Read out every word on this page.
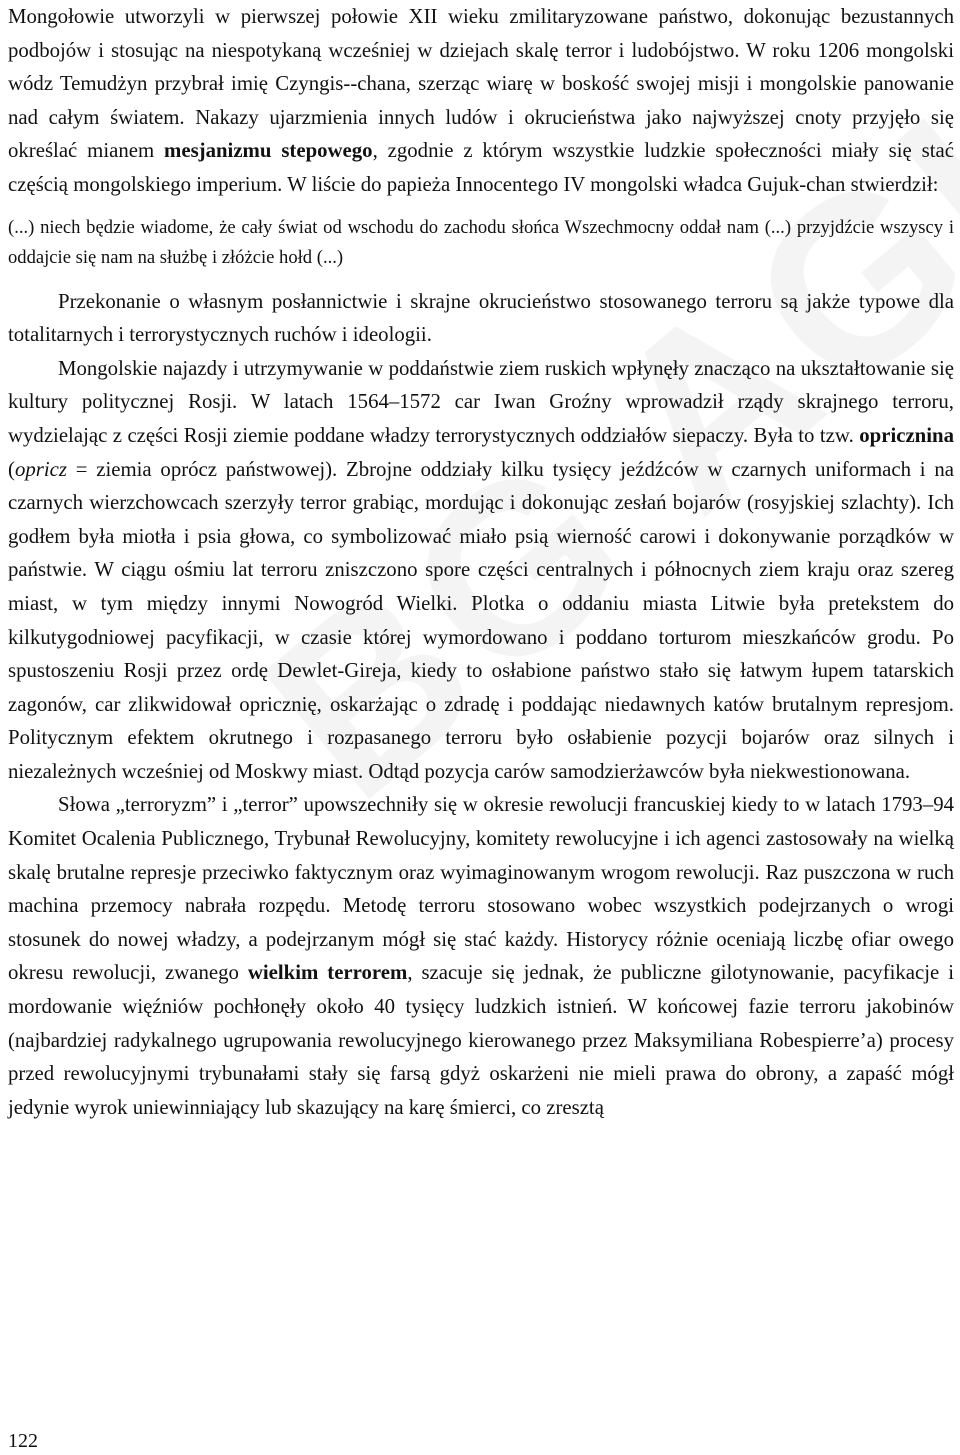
Mongołowie utworzyli w pierwszej połowie XII wieku zmilitaryzowane państwo, dokonując bezustannych podbojów i stosując na niespotykaną wcześniej w dziejach skalę terror i ludobójstwo. W roku 1206 mongolski wódz Temudżyn przybrał imię Czyngis-‑chana, szerząc wiarę w boskość swojej misji i mongolskie panowanie nad całym światem. Nakazy ujarzmienia innych ludów i okrucieństwa jako najwyższej cnoty przyjęło się określać mianem mesjanizmu stepowego, zgodnie z którym wszystkie ludzkie społeczności miały się stać częścią mongolskiego imperium. W liście do papieża Innocentego IV mongolski władca Gujuk-chan stwierdził:

(...) niech będzie wiadome, że cały świat od wschodu do zachodu słońca Wszechmocny oddał nam (...) przyjdźcie wszyscy i oddajcie się nam na służbę i złóżcie hołd (...)

Przekonanie o własnym posłannictwie i skrajne okrucieństwo stosowanego terroru są jakże typowe dla totalitarnych i terrorystycznych ruchów i ideologii.

Mongolskie najazdy i utrzymywanie w poddaństwie ziem ruskich wpłynęły znacząco na ukształtowanie się kultury politycznej Rosji. W latach 1564–1572 car Iwan Groźny wprowadził rządy skrajnego terroru, wydzielając z części Rosji ziemie poddane władzy terrorystycznych oddziałów siepaczy. Była to tzw. opricznina (opricz = ziemia oprócz państwowej). Zbrojne oddziały kilku tysięcy jeźdźców w czarnych uniformach i na czarnych wierzchowcach szerzyły terror grabiąc, mordując i dokonując zesłań bojarów (rosyjskiej szlachty). Ich godłem była miotła i psia głowa, co symbolizować miało psią wierność carowi i dokonywanie porządków w państwie. W ciągu ośmiu lat terroru zniszczono spore części centralnych i północnych ziem kraju oraz szereg miast, w tym między innymi Nowogród Wielki. Plotka o oddaniu miasta Litwie była pretekstem do kilkutygodniowej pacyfikacji, w czasie której wymordowano i poddano torturom mieszkańców grodu. Po spustoszeniu Rosji przez ordę Dewlet-Gireja, kiedy to osłabione państwo stało się łatwym łupem tatarskich zagonów, car zlikwidował opricznię, oskarżając o zdradę i poddając niedawnych katów brutalnym represjom. Politycznym efektem okrutnego i rozpasanego terroru było osłabienie pozycji bojarów oraz silnych i niezależnych wcześniej od Moskwy miast. Odtąd pozycja carów samodzierżawców była niekwestionowana.

Słowa „terroryzm” i „terror” upowszechniły się w okresie rewolucji francuskiej kiedy to w latach 1793–94 Komitet Ocalenia Publicznego, Trybunał Rewolucyjny, komitety rewolucyjne i ich agenci zastosowały na wielką skalę brutalne represje przeciwko faktycznym oraz wyimaginowanym wrogom rewolucji. Raz puszczona w ruch machina przemocy nabrała rozpędu. Metodę terroru stosowano wobec wszystkich podejrzanych o wrogi stosunek do nowej władzy, a podejrzanym mógł się stać każdy. Historycy różnie oceniają liczbę ofiar owego okresu rewolucji, zwanego wielkim terrorem, szacuje się jednak, że publiczne gilotynowanie, pacyfikacje i mordowanie więźniów pochłonęły około 40 tysięcy ludzkich istnień. W końcowej fazie terroru jakobinów (najbardziej radykalnego ugrupowania rewolucyjnego kierowanego przez Maksymiliana Robespierre’a) procesy przed rewolucyjnymi trybunałami stały się farsą gdyż oskarżeni nie mieli prawa do obrony, a zapaść mógł jedynie wyrok uniewinniający lub skazujący na karę śmierci, co zresztą

122
